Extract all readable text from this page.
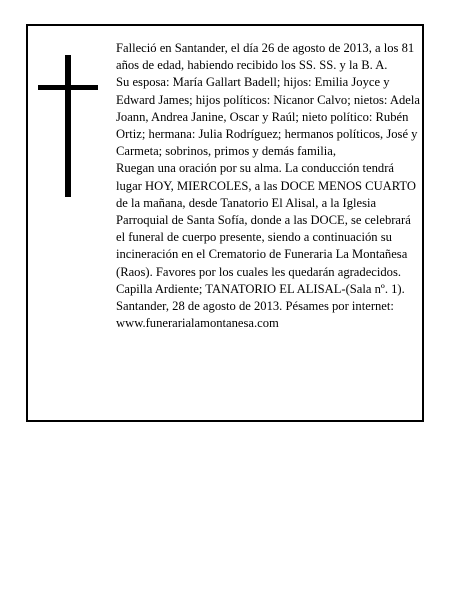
Falleció en Santander, el día 26 de agosto de 2013, a los 81 años de edad, habiendo recibido los SS. SS. y la B. A.

Su esposa: María Gallart Badell; hijos: Emilia Joyce y Edward James; hijos políticos: Nicanor Calvo; nietos: Adela Joann, Andrea Janine, Oscar y Raúl; nieto político: Rubén Ortiz; hermana: Julia Rodríguez; hermanos políticos, José y Carmeta; sobrinos, primos y demás familia,

Ruegan una oración por su alma. La conducción tendrá lugar HOY, MIERCOLES, a las DOCE MENOS CUARTO de la mañana, desde Tanatorio El Alisal, a la Iglesia Parroquial de Santa Sofía, donde a las DOCE, se celebrará el funeral de cuerpo presente, siendo a continuación su incineración en el Crematorio de Funeraria La Montañesa (Raos). Favores por los cuales les quedarán agradecidos. Capilla Ardiente; TANATORIO EL ALISAL-(Sala nº. 1).

Santander, 28 de agosto de 2013. Pésames por internet: www.funerarialamontanesa.com
